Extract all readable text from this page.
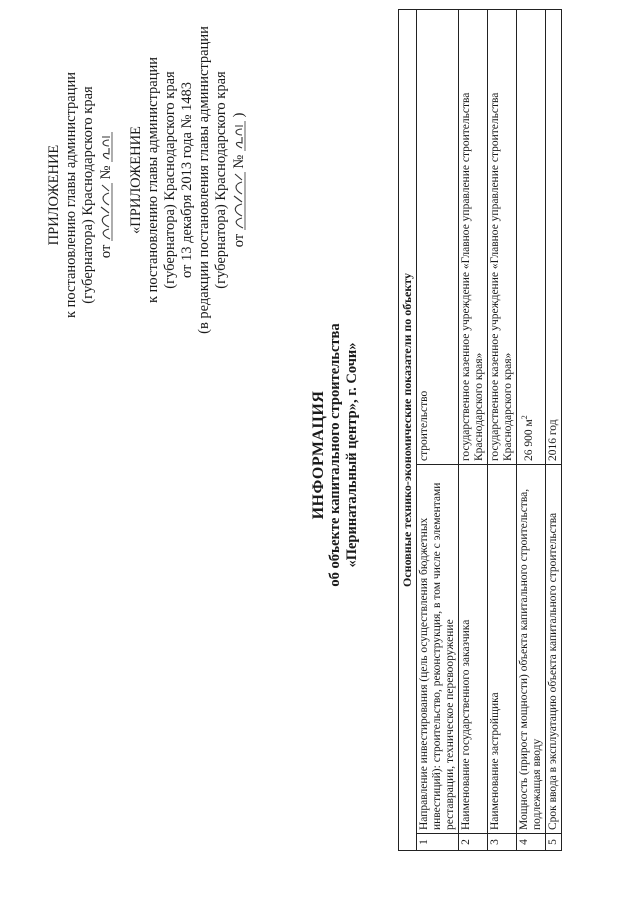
ПРИЛОЖЕНИЕ к постановлению главы администрации (губернатора) Краснодарского края от  № «ПРИЛОЖЕНИЕ к постановлению главы администрации (губернатора) Краснодарского края от 13 декабря 2013 года № 1483 (в редакции постановления главы администрации (губернатора) Краснодарского края от  №  )
ИНФОРМАЦИЯ об объекте капитального строительства «Перинатальный центр», г. Сочи»	Основные технико-экономические показатели по объекту		
1	Направление инвестирования (цель осуществления бюджетных инвестиций): строительство, реконструкция, в том числе с элементами реставрации, техническое перевооружение	строительство
2	Наименование государственного заказчика	государственное казенное учреждение «Главное управление строительства Краснодарского края»
3	Наименование застройщика	государственное казенное учреждение «Главное управление строительства Краснодарского края»
4	Мощность (прирост мощности) объекта капитального строительства, подлежащая вводу	26 900 $м^2$
5	Срок ввода в эксплуатацию объекта капитального строительства	2016 год
